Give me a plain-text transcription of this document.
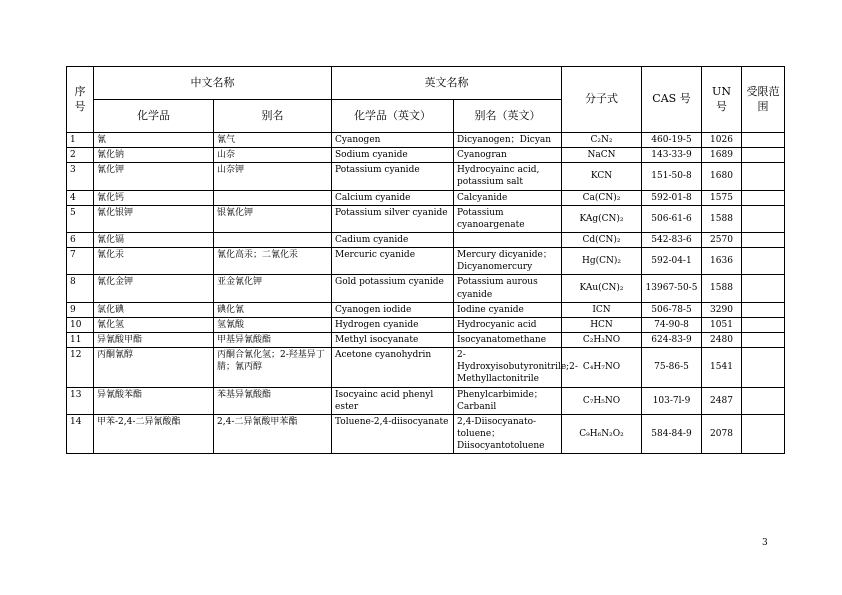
序号	中文名称		英文名称		分子式	CAS 号	UN 号	受限范围
	化学品	别名	化学品（英文）	别名（英文）				
1	氰	氰气	Cyanogen	Dicyanogen；Dicyan	C₂N₂	460-19-5	1026	
2	氰化钠	山奈	Sodium cyanide	Cyanogran	NaCN	143-33-9	1689	
3	氰化钾	山奈钾	Potassium cyanide	Hydrocyainc acid, potassium salt	KCN	151-50-8	1680	
4	氰化钙		Calcium cyanide	Calcyanide	Ca(CN)₂	592-01-8	1575	
5	氰化银钾	银氰化钾	Potassium silver cyanide	Potassium cyanoargenate	KAg(CN)₂	506-61-6	1588	
6	氰化镉		Cadium cyanide		Cd(CN)₂	542-83-6	2570	
7	氰化汞	氰化高汞；二氰化汞	Mercuric cyanide	Mercury dicyanide；Dicyanomercury	Hg(CN)₂	592-04-1	1636	
8	氰化金钾	亚金氰化钾	Gold potassium cyanide	Potassium aurous cyanide	KAu(CN)₂	13967-50-5	1588	
9	氯化碘	碘化氰	Cyanogen iodide	Iodine cyanide	ICN	506-78-5	3290	
10	氰化氢	氢氰酸	Hydrogen cyanide	Hydrocyanic acid	HCN	74-90-8	1051	
11	异氰酸甲酯	甲基异氰酸酯	Methyl isocyanate	Isocyanatomethane	C₂H₃NO	624-83-9	2480	
12	丙酮氰醇	丙酮合氰化氢；2-羟基异丁腈；氰丙醇	Acetone cyanohydrin	2-Hydroxyisobutyronitrile;2-Methyllactonitrile	C₄H₇NO	75-86-5	1541	
13	异氰酸苯酯	苯基异氰酸酯	Isocyainc acid phenyl ester	Phenylcarbimide；Carbanil	C₇H₅NO	103-7l-9	2487	
14	甲苯-2,4-二异氰酸酯	2,4-二异氰酸甲苯酯	Toluene-2,4-diisocyanate	2,4-Diisocyanato-toluene；Diisocyantotoluene	C₉H₆N₂O₂	584-84-9	2078	
3
